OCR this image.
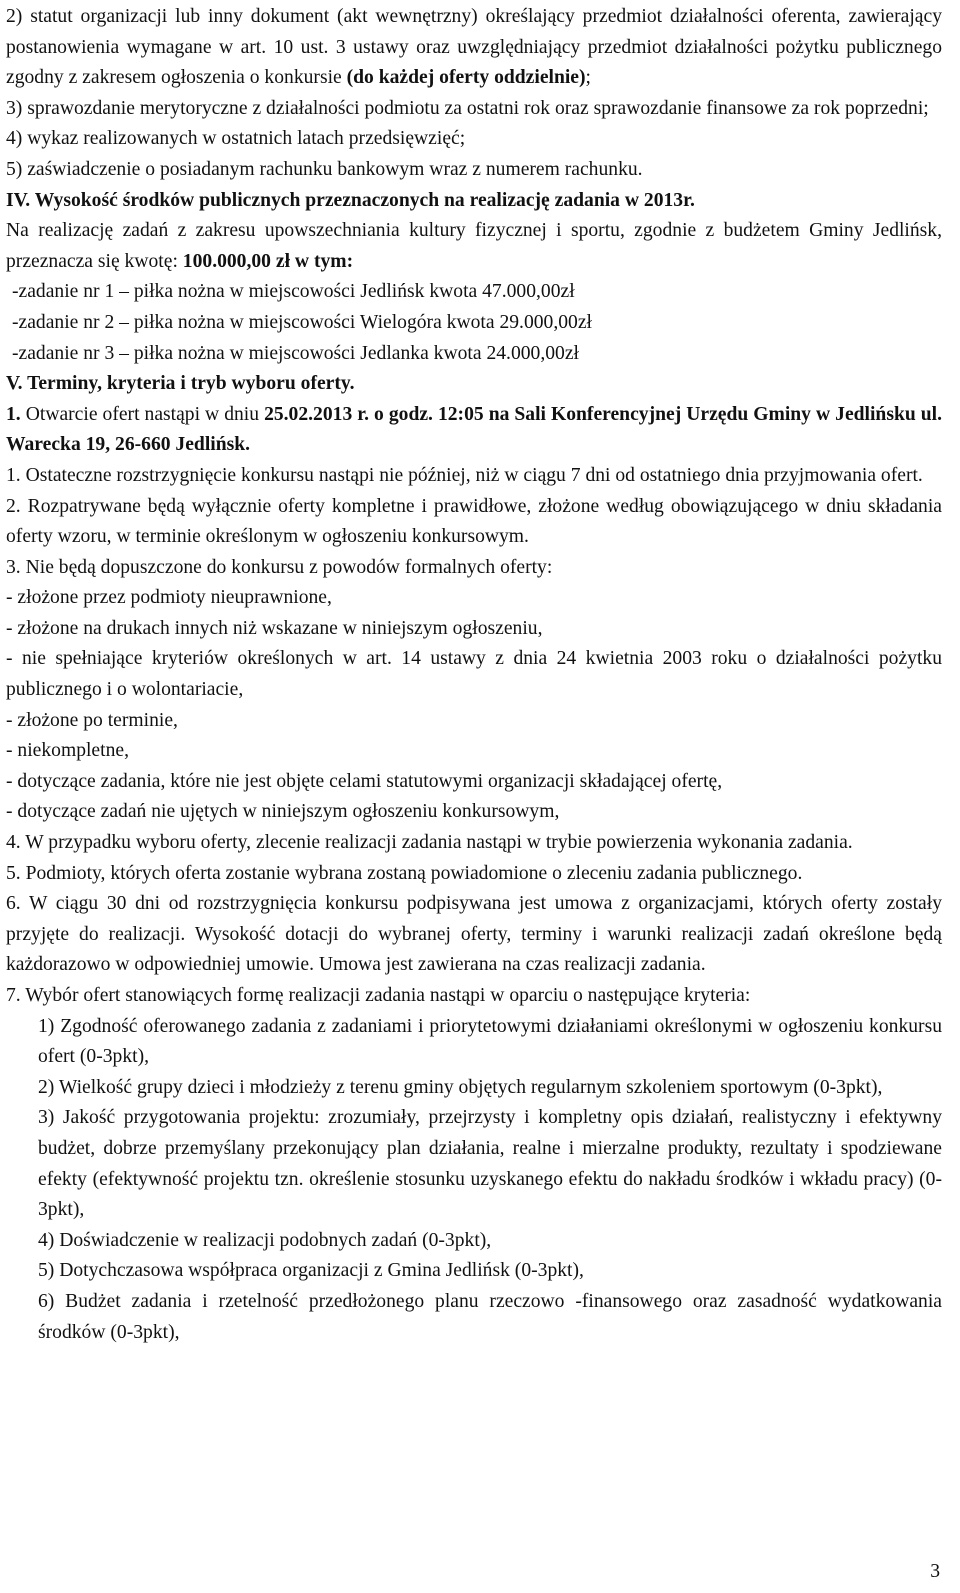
2) statut organizacji lub inny dokument (akt wewnętrzny) określający przedmiot działalności oferenta, zawierający postanowienia wymagane w art. 10 ust. 3 ustawy oraz uwzględniający przedmiot działalności pożytku publicznego zgodny z zakresem ogłoszenia o konkursie (do każdej oferty oddzielnie);

3) sprawozdanie merytoryczne z działalności podmiotu za ostatni rok oraz sprawozdanie finansowe za rok poprzedni;

4) wykaz realizowanych w ostatnich latach przedsięwzięć;

5) zaświadczenie o posiadanym rachunku bankowym wraz z numerem rachunku.

IV. Wysokość środków publicznych przeznaczonych na realizację zadania w 2013r.

Na realizację zadań z zakresu upowszechniania kultury fizycznej i sportu, zgodnie z budżetem Gminy Jedlińsk, przeznacza się kwotę: 100.000,00 zł w tym:

-zadanie nr 1 – piłka nożna w miejscowości Jedlińsk kwota 47.000,00zł

-zadanie nr 2 – piłka nożna w miejscowości Wielogóra kwota 29.000,00zł

-zadanie nr 3 – piłka nożna w miejscowości Jedlanka kwota 24.000,00zł

V. Terminy, kryteria i tryb wyboru oferty.

1. Otwarcie ofert nastąpi w dniu 25.02.2013 r. o godz. 12:05 na Sali Konferencyjnej Urzędu Gminy w Jedlińsku ul. Warecka 19, 26-660 Jedlińsk.

1. Ostateczne rozstrzygnięcie konkursu nastąpi nie później, niż w ciągu 7 dni od ostatniego dnia przyjmowania ofert.

2. Rozpatrywane będą wyłącznie oferty kompletne i prawidłowe, złożone według obowiązującego w dniu składania oferty wzoru, w terminie określonym w ogłoszeniu konkursowym.

3. Nie będą dopuszczone do konkursu z powodów formalnych oferty:

- złożone przez podmioty nieuprawnione,

- złożone na drukach innych niż wskazane w niniejszym ogłoszeniu,

- nie spełniające kryteriów określonych w art. 14 ustawy z dnia 24 kwietnia 2003 roku o działalności pożytku publicznego i o wolontariacie,

- złożone po terminie,

- niekompletne,

- dotyczące zadania, które nie jest objęte celami statutowymi organizacji składającej ofertę,

- dotyczące zadań nie ujętych w niniejszym ogłoszeniu konkursowym,

4. W przypadku wyboru oferty, zlecenie realizacji zadania nastąpi w trybie powierzenia wykonania zadania.

5. Podmioty, których oferta zostanie wybrana zostaną powiadomione o zleceniu zadania publicznego.

6. W ciągu 30 dni od rozstrzygnięcia konkursu podpisywana jest umowa z organizacjami, których oferty zostały przyjęte do realizacji. Wysokość dotacji do wybranej oferty, terminy i warunki realizacji zadań określone będą każdorazowo w odpowiedniej umowie. Umowa jest zawierana na czas realizacji zadania.

7. Wybór ofert stanowiących formę realizacji zadania nastąpi w oparciu o następujące kryteria:

1) Zgodność oferowanego zadania z zadaniami i priorytetowymi działaniami określonymi w ogłoszeniu konkursu ofert (0-3pkt),

2) Wielkość grupy dzieci i młodzieży z terenu gminy objętych regularnym szkoleniem sportowym (0-3pkt),

3) Jakość przygotowania projektu: zrozumiały, przejrzysty i kompletny opis działań, realistyczny i efektywny budżet, dobrze przemyślany przekonujący plan działania, realne i mierzalne produkty, rezultaty i spodziewane efekty (efektywność projektu tzn. określenie stosunku uzyskanego efektu do nakładu środków i wkładu pracy) (0-3pkt),

4) Doświadczenie w realizacji podobnych zadań (0-3pkt),

5) Dotychczasowa współpraca organizacji z Gmina Jedlińsk (0-3pkt),

6) Budżet zadania i rzetelność przedłożonego planu rzeczowo -finansowego oraz zasadność wydatkowania środków (0-3pkt),

3
